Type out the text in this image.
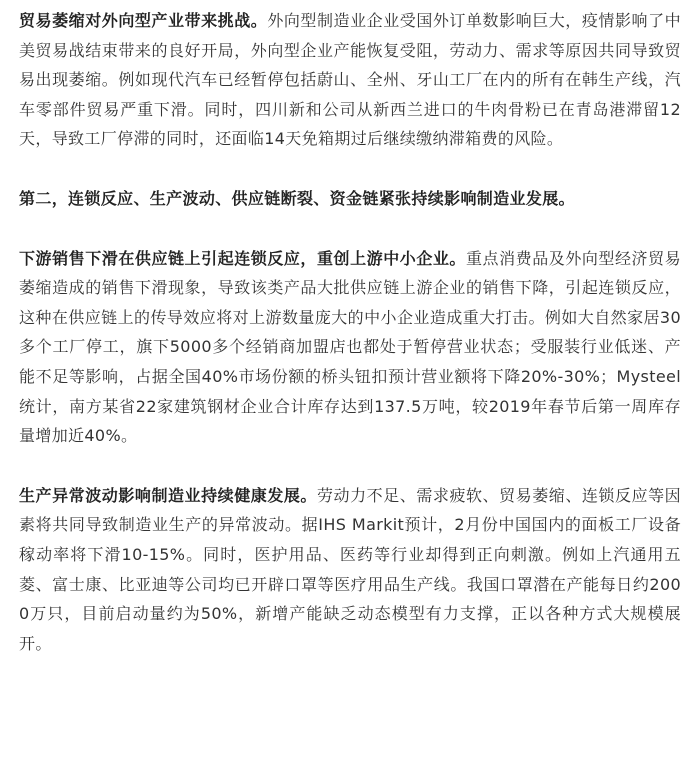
贸易萎缩对外向型产业带来挑战。外向型制造业企业受国外订单数影响巨大，疫情影响了中美贸易战结束带来的良好开局，外向型企业产能恢复受阻，劳动力、需求等原因共同导致贸易出现萎缩。例如现代汽车已经暂停包括蔚山、全州、牙山工厂在内的所有在韩生产线，汽车零部件贸易严重下滑。同时，四川新和公司从新西兰进口的牛肉骨粉已在青岛港滞留12天，导致工厂停滞的同时，还面临14天免箱期过后继续缴纳滞箱费的风险。

第二，连锁反应、生产波动、供应链断裂、资金链紧张持续影响制造业发展。

下游销售下滑在供应链上引起连锁反应，重创上游中小企业。重点消费品及外向型经济贸易萎缩造成的销售下滑现象，导致该类产品大批供应链上游企业的销售下降，引起连锁反应，这种在供应链上的传导效应将对上游数量庞大的中小企业造成重大打击。例如大自然家居30多个工厂停工，旗下5000多个经销商加盟店也都处于暂停营业状态；受服装行业低迷、产能不足等影响，占据全国40%市场份额的桥头钮扣预计营业额将下降20%-30%；Mysteel统计，南方某省22家建筑钢材企业合计库存达到137.5万吨，较2019年春节后第一周库存量增加近40%。

生产异常波动影响制造业持续健康发展。劳动力不足、需求疲软、贸易萎缩、连锁反应等因素将共同导致制造业生产的异常波动。据IHS Markit预计，2月份中国国内的面板工厂设备稼动率将下滑10-15%。同时，医护用品、医药等行业却得到正向刺激。例如上汽通用五菱、富士康、比亚迪等公司均已开辟口罩等医疗用品生产线。我国口罩潜在产能每日约2000万只，目前启动量约为50%，新增产能缺乏动态模型有力支撑，正以各种方式大规模展开。
